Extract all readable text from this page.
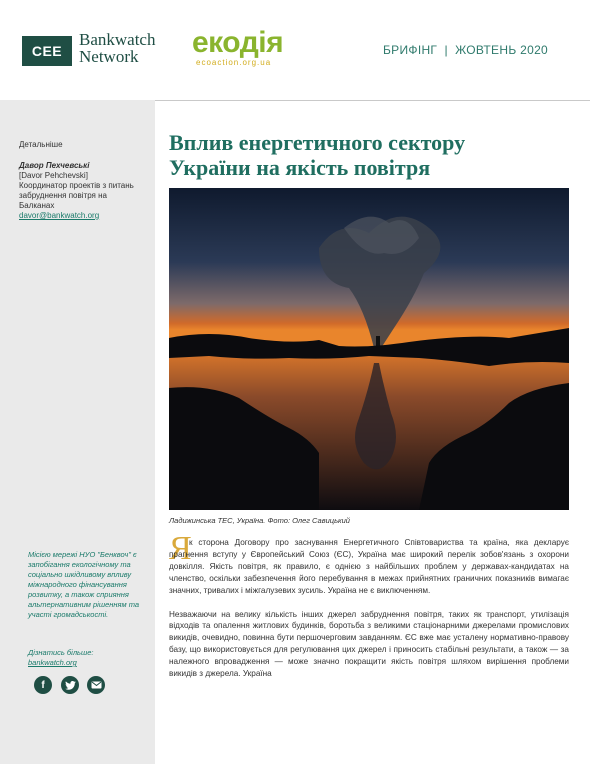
CEE
Bankwatch
Network	екодія
ecoaction.org.ua
БРИФІНГ  |  ЖОВТЕНЬ 2020
Детальніше
Давор Пехчевські
[Davor Pehchevski]
Координатор проектів з питань забруднення повітря на Балканах
davor@bankwatch.org
Місією мережі НУО "Бенквоч" є запобігання екологічному та соціально шкідливому впливу міжнародного фінансування розвитку, а також сприяння альтернативним рішенням та участі громадськості.
Дізнатись більше:
bankwatch.org
f
Вплив енергетичного сектору
України на якість повітря
Ладижинська ТЕС, Україна. Фото: Олег Савицький
Я

к сторона Договору про заснування Енергетичного Співтовариства та країна, яка декларує прагнення вступу у Європейський Союз (ЄС), Україна має широкий перелік зобов'язань з охорони довкілля. Якість повітря, як правило, є однією з найбільших проблем у державах-кандидатах на членство, оскільки забезпечення його перебування в межах прийнятних граничних показників вимагає значних, тривалих і міжгалузевих зусиль. Україна не є виключенням.

Незважаючи на велику кількість інших джерел забруднення повітря, таких як транспорт, утилізація відходів та опалення житлових будинків, боротьба з великими стаціонарними джерелами промислових викидів, очевидно, повинна бути першочерговим завданням. ЄС вже має усталену нормативно-правову базу, що використовується для регулювання цих джерел і приносить стабільні результати, а також — за належного впровадження — може значно покращити якість повітря шляхом вирішення проблеми викидів з джерела. Україна
